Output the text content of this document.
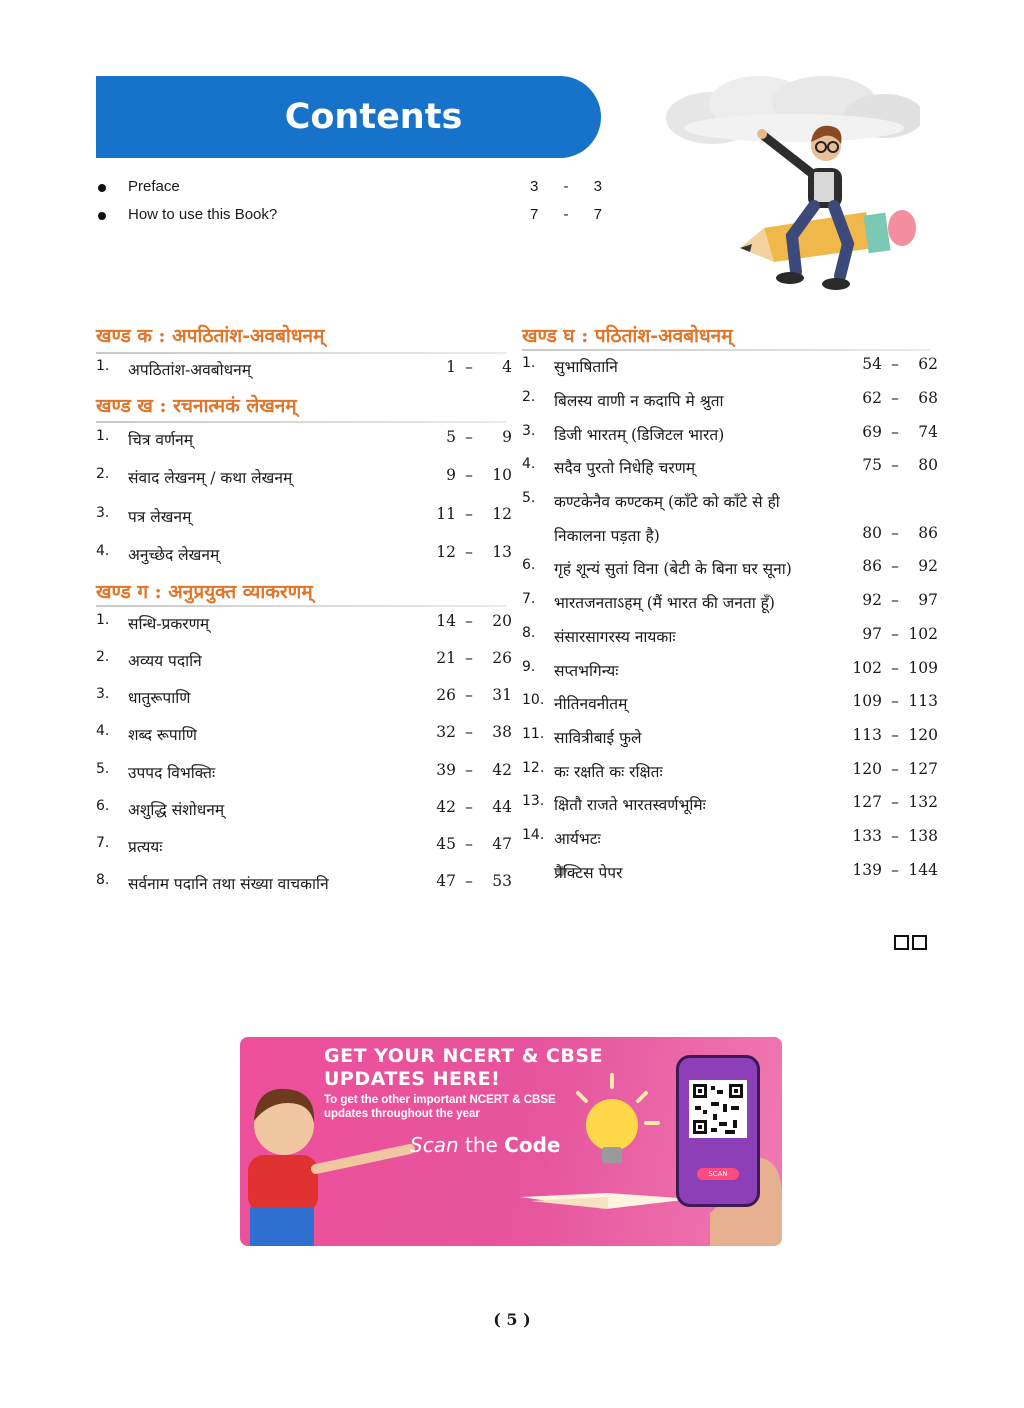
Contents
Preface	3 - 3
How to use this Book?	7 - 7
खण्ड क : अपठितांश-अवबोधनम्
1. अपठितांश-अवबोधनम्	1 –	4
खण्ड ख : रचनात्मकं लेखनम्
1. चित्र वर्णनम्	5 –	9
2. संवाद लेखनम् / कथा लेखनम्	9 –	10
3. पत्र लेखनम्	11 –	12
4. अनुच्छेद लेखनम्	12 –	13
खण्ड ग : अनुप्रयुक्त व्याकरणम्
1. सन्धि-प्रकरणम्	14 –	20
2. अव्यय पदानि	21 –	26
3. धातुरूपाणि	26 –	31
4. शब्द रूपाणि	32 –	38
5. उपपद विभक्तिः	39 –	42
6. अशुद्धि संशोधनम्	42 –	44
7. प्रत्ययः	45 –	47
8. सर्वनाम पदानि तथा संख्या वाचकानि	47 –	53
खण्ड घ : पठितांश-अवबोधनम्
1. सुभाषितानि	54 –	62
2. बिलस्य वाणी न कदापि मे श्रुता	62 –	68
3. डिजी भारतम् (डिजिटल भारत)	69 –	74
4. सदैव पुरतो निधेहि चरणम्	75 –	80
5. कण्टकेनैव कण्टकम् (काँटे को काँटे से ही
निकालना पड़ता है)	80 –	86
6. गृहं शून्यं सुतां विना (बेटी के बिना घर सूना)	86 –	92
7. भारतजनताऽहम् (मैं भारत की जनता हूँ)	92 –	97
8. संसारसागरस्य नायकाः	97 – 102
9. सप्तभगिन्यः	102 – 109
10. नीतिनवनीतम्	109 – 113
11. सावित्रीबाई फुले	113 – 120
12. कः रक्षति कः रक्षितः	120 – 127
13. क्षितौ राजते भारतस्वर्णभूमिः	127 – 132
14. आर्यभटः	133 – 138
प्रैक्टिस पेपर	139 – 144
GET YOUR NCERT & CBSE
UPDATES HERE!
To get the other important NCERT & CBSE updates throughout the year
Scan the Code
SCAN
( 5 )
